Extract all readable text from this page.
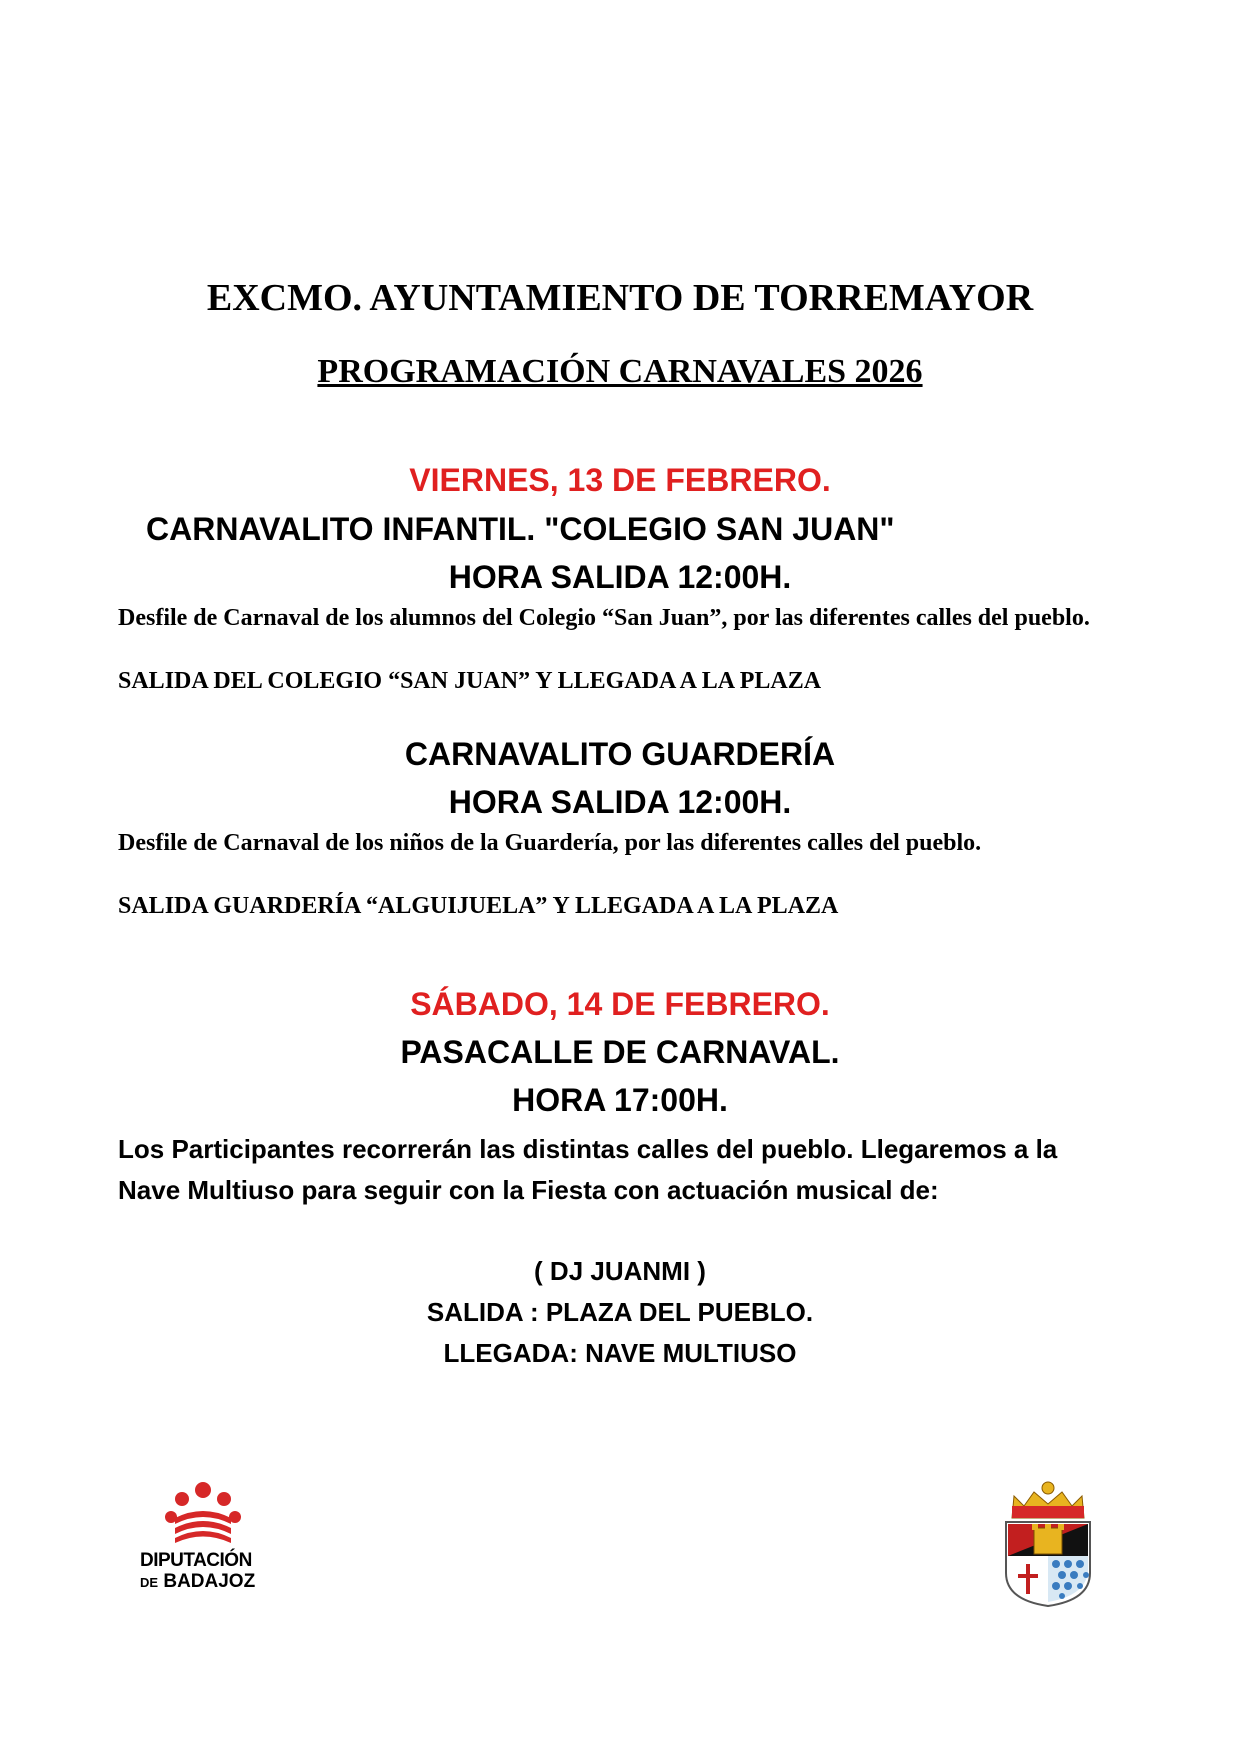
EXCMO. AYUNTAMIENTO DE TORREMAYOR
PROGRAMACIÓN CARNAVALES 2026
VIERNES, 13 DE FEBRERO.
CARNAVALITO INFANTIL. "COLEGIO SAN JUAN"
HORA SALIDA 12:00H.
Desfile de Carnaval de los alumnos del Colegio “San Juan”, por las diferentes calles del pueblo.
SALIDA DEL COLEGIO “SAN JUAN” Y LLEGADA A LA PLAZA
CARNAVALITO GUARDERÍA
HORA SALIDA 12:00H.
Desfile de Carnaval de los niños de la Guardería, por las diferentes calles del pueblo.
SALIDA GUARDERÍA “ALGUIJUELA” Y LLEGADA A LA PLAZA
SÁBADO, 14 DE FEBRERO.
PASACALLE DE CARNAVAL.
HORA 17:00H.
Los Participantes recorrerán las distintas calles del pueblo. Llegaremos a la Nave Multiuso para seguir con la Fiesta con actuación musical de:
( DJ JUANMI )
SALIDA : PLAZA DEL PUEBLO.
LLEGADA: NAVE MULTIUSO
DIPUTACIÓN
DE BADAJOZ
